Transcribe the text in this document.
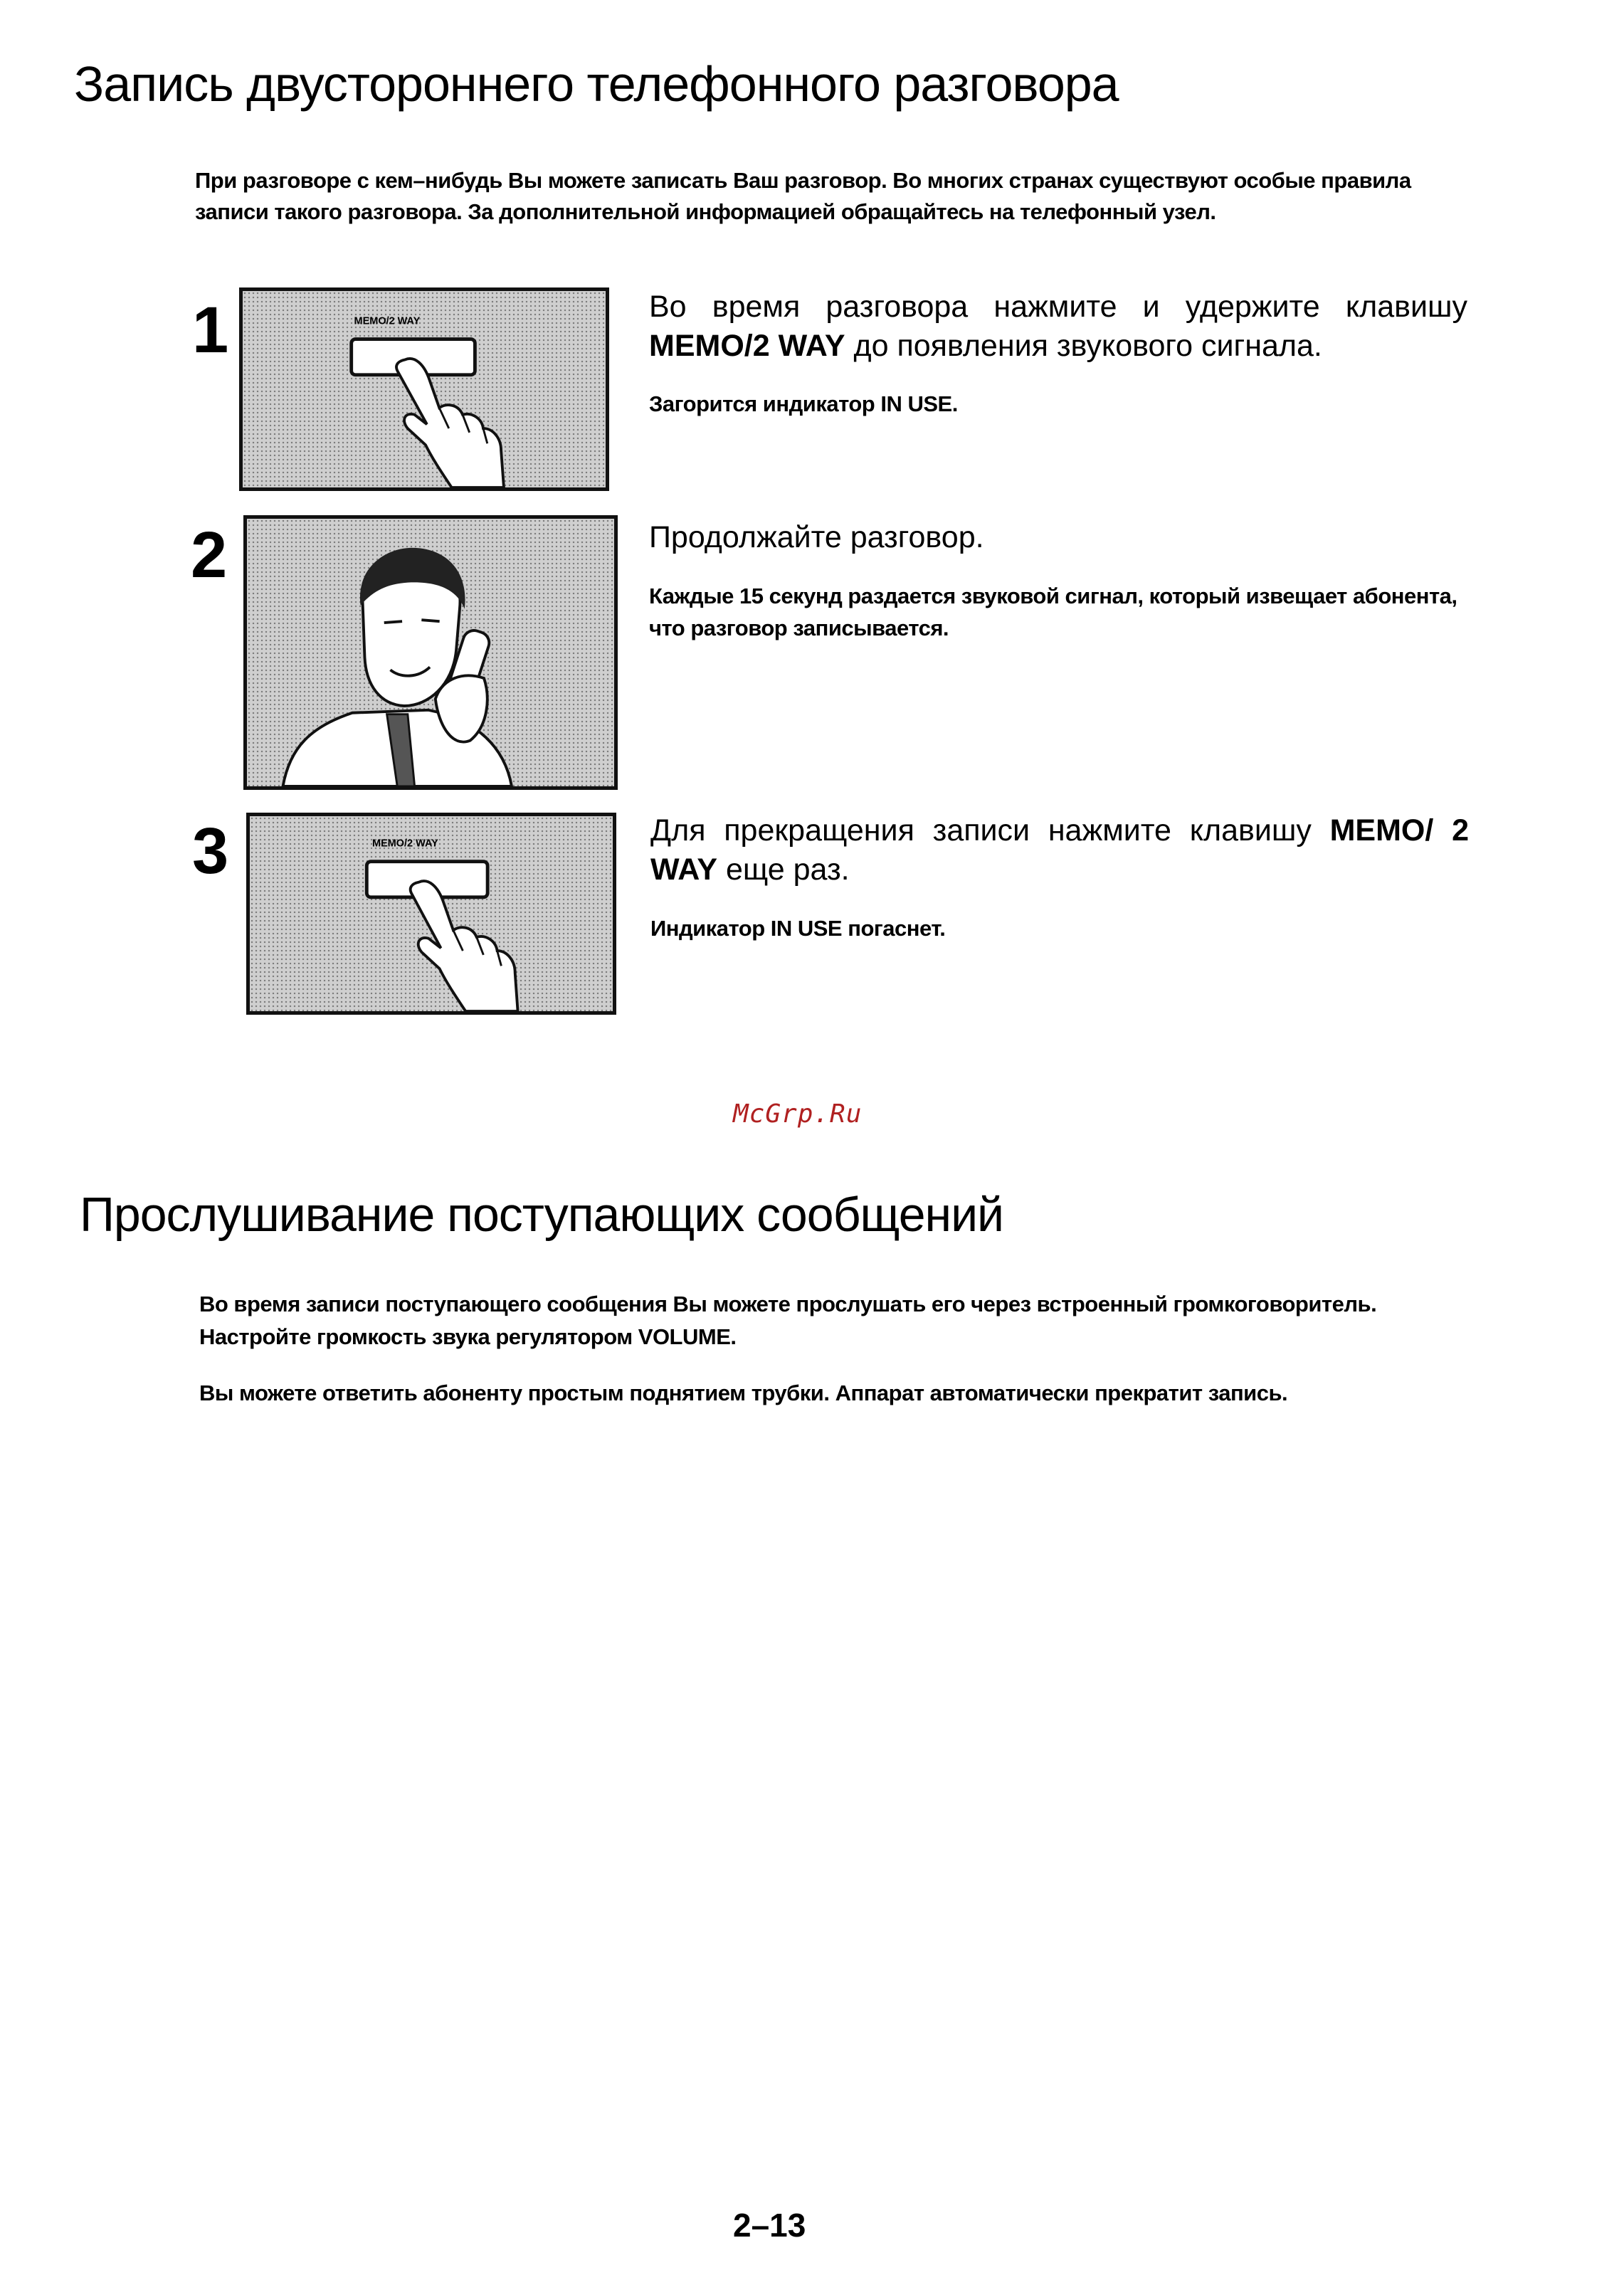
Запись двустороннего телефонного разговора
При разговоре с кем–нибудь Вы можете записать Ваш разговор. Во многих странах существуют особые правила записи такого разговора. За дополнительной информацией обращайтесь на телефонный узел.
1	MEMO/2 WAY	Во время разговора нажмите и удержите клавишу MEMO/2 WAY до появления звукового сигнала.
Загорится индикатор IN USE.
2	Продолжайте разговор.
Каждые 15 секунд раздается звуковой сигнал, который извещает абонента, что разговор записывается.
3	MEMO/2 WAY	Для прекращения записи нажмите клавишу MEMO/ 2 WAY еще раз.
Индикатор IN USE погаснет.
McGrp.Ru
Прослушивание поступающих сообщений
Во время записи поступающего сообщения Вы можете прослушать его через встроенный громкоговоритель. Настройте громкость звука регулятором VOLUME.
Вы можете ответить абоненту простым поднятием трубки. Аппарат автоматически прекратит запись.
2–13
